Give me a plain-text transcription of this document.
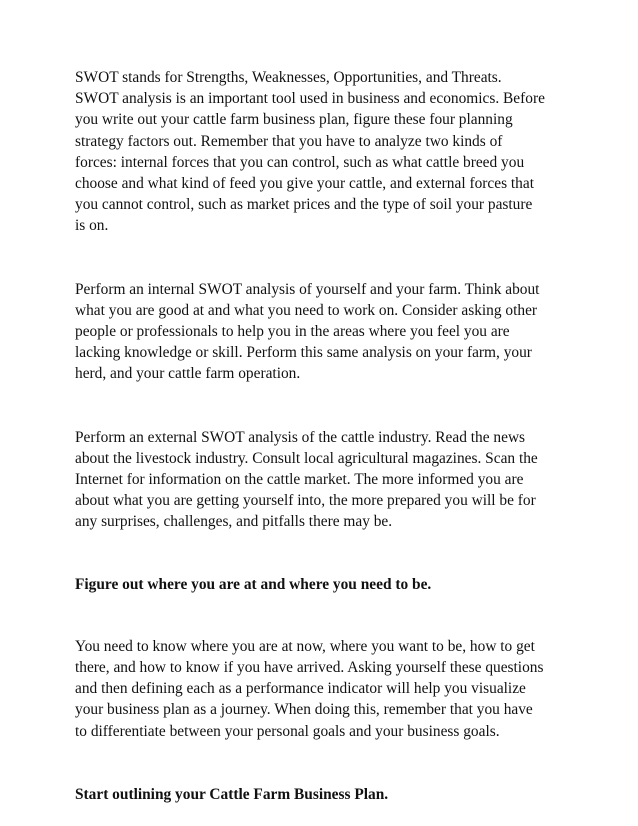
SWOT stands for Strengths, Weaknesses, Opportunities, and Threats.
SWOT analysis is an important tool used in business and economics. Before
you write out your cattle farm business plan, figure these four planning
strategy factors out. Remember that you have to analyze two kinds of
forces: internal forces that you can control, such as what cattle breed you
choose and what kind of feed you give your cattle, and external forces that
you cannot control, such as market prices and the type of soil your pasture
is on.

Perform an internal SWOT analysis of yourself and your farm. Think about
what you are good at and what you need to work on. Consider asking other
people or professionals to help you in the areas where you feel you are
lacking knowledge or skill. Perform this same analysis on your farm, your
herd, and your cattle farm operation.

Perform an external SWOT analysis of the cattle industry. Read the news
about the livestock industry. Consult local agricultural magazines. Scan the
Internet for information on the cattle market. The more informed you are
about what you are getting yourself into, the more prepared you will be for
any surprises, challenges, and pitfalls there may be.

Figure out where you are at and where you need to be.

You need to know where you are at now, where you want to be, how to get
there, and how to know if you have arrived. Asking yourself these questions
and then defining each as a performance indicator will help you visualize
your business plan as a journey. When doing this, remember that you have
to differentiate between your personal goals and your business goals.

Start outlining your Cattle Farm Business Plan.
